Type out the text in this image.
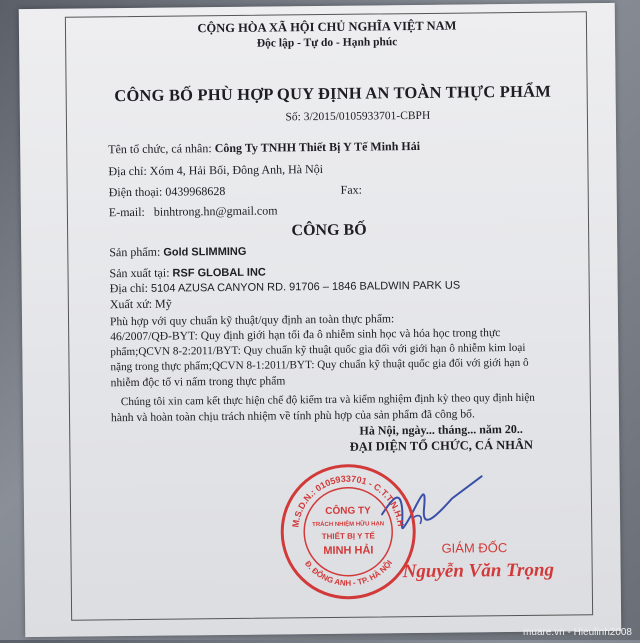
CỘNG HÒA XÃ HỘI CHỦ NGHĨA VIỆT NAM
Độc lập - Tự do - Hạnh phúc
CÔNG BỐ PHÙ HỢP QUY ĐỊNH AN TOÀN THỰC PHẨM
Số: 3/2015/0105933701-CBPH
Tên tổ chức, cá nhân: Công Ty TNHH Thiết Bị Y Tế Minh Hải
Địa chỉ: Xóm 4, Hải Bối, Đông Anh, Hà Nội
Điện thoại: 0439968628	Fax:
E-mail: binhtrong.hn@gmail.com
CÔNG BỐ
Sản phẩm: Gold SLIMMING
Sản xuất tại: RSF GLOBAL INC
Địa chỉ: 5104 AZUSA CANYON RD. 91706 – 1846 BALDWIN PARK US
Xuất xứ: Mỹ
Phù hợp với quy chuẩn kỹ thuật/quy định an toàn thực phẩm:
46/2007/QĐ-BYT: Quy định giới hạn tối đa ô nhiễm sinh học và hóa học trong thực
phẩm;QCVN 8-2:2011/BYT: Quy chuẩn kỹ thuật quốc gia đối với giới hạn ô nhiễm kim loại
nặng trong thực phẩm;QCVN 8-1:2011/BYT: Quy chuẩn kỹ thuật quốc gia đối với giới hạn ô
nhiễm độc tố vi nấm trong thực phẩm
Chúng tôi xin cam kết thực hiện chế độ kiểm tra và kiểm nghiệm định kỳ theo quy định hiện
hành và hoàn toàn chịu trách nhiệm về tính phù hợp của sản phẩm đã công bố.
Hà Nội, ngày... tháng... năm 20..
ĐẠI DIỆN TỔ CHỨC, CÁ NHÂN
GIÁM ĐỐC
Nguyễn Văn Trọng
M.S.D.N.: 0105933701 - C.T.T.N.H.H
Đ. ĐÔNG ANH - TP. HÀ NỘI
CÔNG TY
TRÁCH NHIỆM HỮU HẠN
THIẾT BỊ Y TẾ
MINH HẢI
muare.vn - Hieulinh2008
